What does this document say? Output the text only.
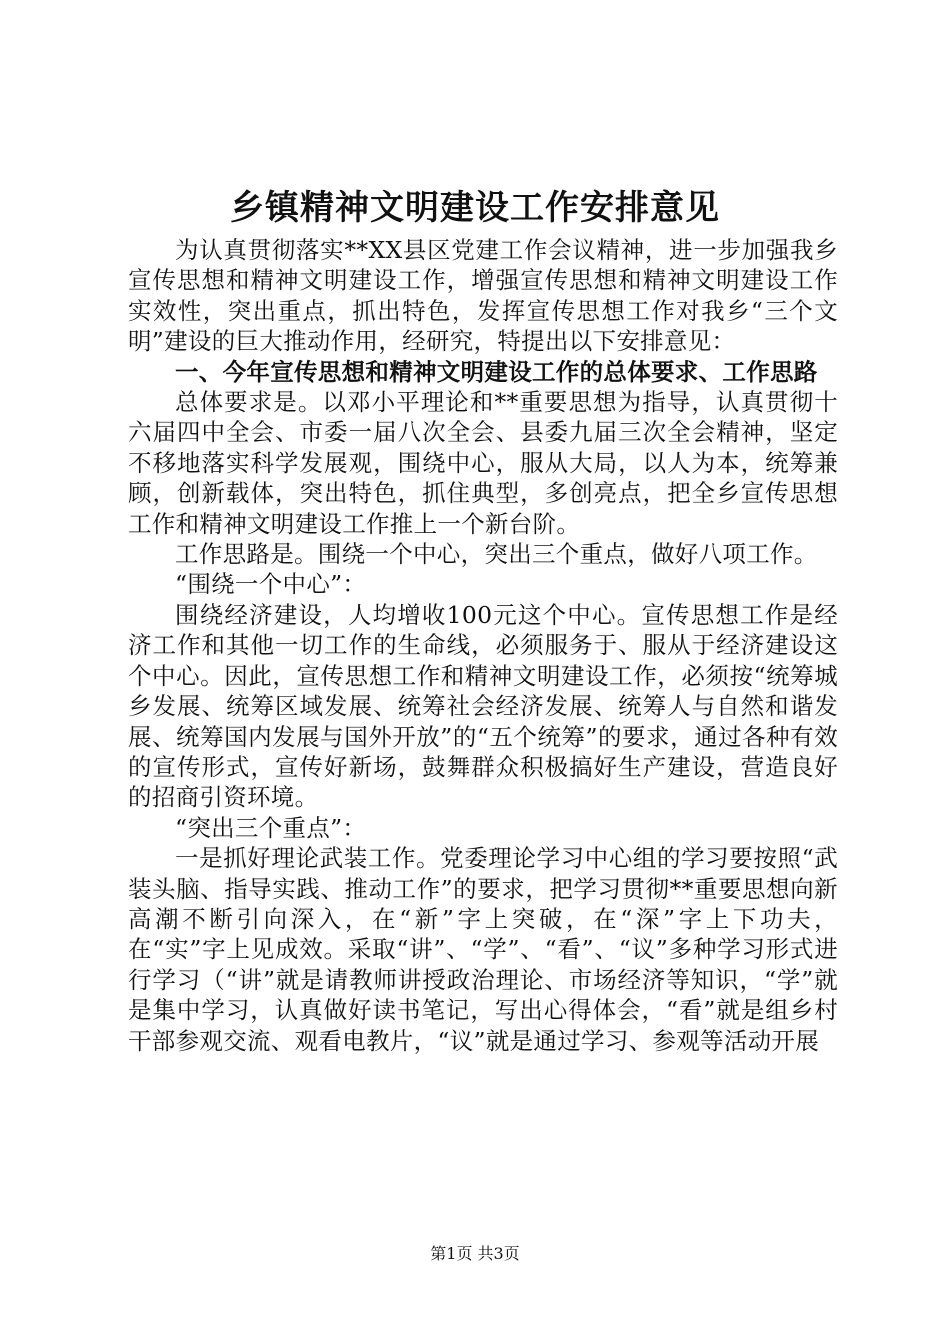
乡镇精神文明建设工作安排意见

为认真贯彻落实**XX县区党建工作会议精神，进一步加强我乡宣传思想和精神文明建设工作，增强宣传思想和精神文明建设工作实效性，突出重点，抓出特色，发挥宣传思想工作对我乡“三个文明”建设的巨大推动作用，经研究，特提出以下安排意见：

一、今年宣传思想和精神文明建设工作的总体要求、工作思路

总体要求是。以邓小平理论和**重要思想为指导，认真贯彻十六届四中全会、市委一届八次全会、县委九届三次全会精神，坚定不移地落实科学发展观，围绕中心，服从大局，以人为本，统筹兼顾，创新载体，突出特色，抓住典型，多创亮点，把全乡宣传思想工作和精神文明建设工作推上一个新台阶。

工作思路是。围绕一个中心，突出三个重点，做好八项工作。

“围绕一个中心”：

围绕经济建设，人均增收100元这个中心。宣传思想工作是经济工作和其他一切工作的生命线，必须服务于、服从于经济建设这个中心。因此，宣传思想工作和精神文明建设工作，必须按“统筹城乡发展、统筹区域发展、统筹社会经济发展、统筹人与自然和谐发展、统筹国内发展与国外开放”的“五个统筹”的要求，通过各种有效的宣传形式，宣传好新场，鼓舞群众积极搞好生产建设，营造良好的招商引资环境。

“突出三个重点”：

一是抓好理论武装工作。党委理论学习中心组的学习要按照“武装头脑、指导实践、推动工作”的要求，把学习贯彻**重要思想向新高潮不断引向深入，在“新”字上突破，在“深”字上下功夫，在“实”字上见成效。采取“讲”、“学”、“看”、“议”多种学习形式进行学习（“讲”就是请教师讲授政治理论、市场经济等知识，“学”就是集中学习，认真做好读书笔记，写出心得体会，“看”就是组乡村干部参观交流、观看电教片，“议”就是通过学习、参观等活动开展

第1页 共3页
